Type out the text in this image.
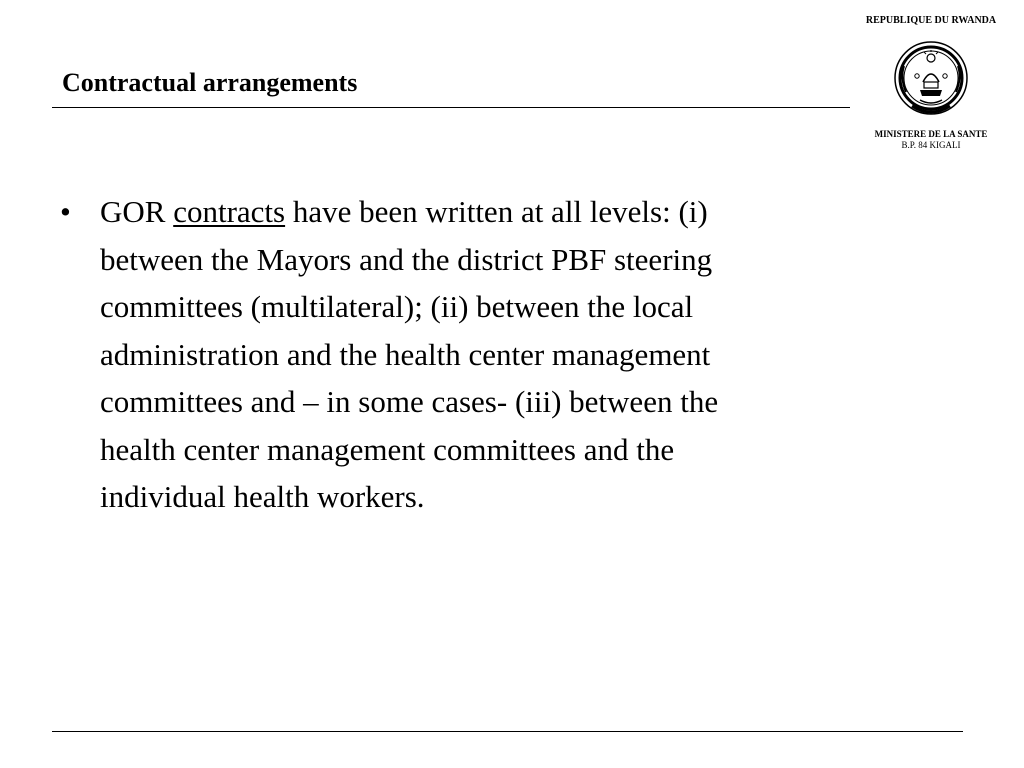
Contractual arrangements
REPUBLIQUE DU RWANDA
MINISTERE DE LA SANTE
B.P. 84 KIGALI
• GOR contracts have been written at all levels: (i)
between the Mayors and the district PBF steering
committees (multilateral); (ii) between the local
administration and the health center management
committees and – in some cases- (iii) between the
health center management committees and the
individual health workers.
